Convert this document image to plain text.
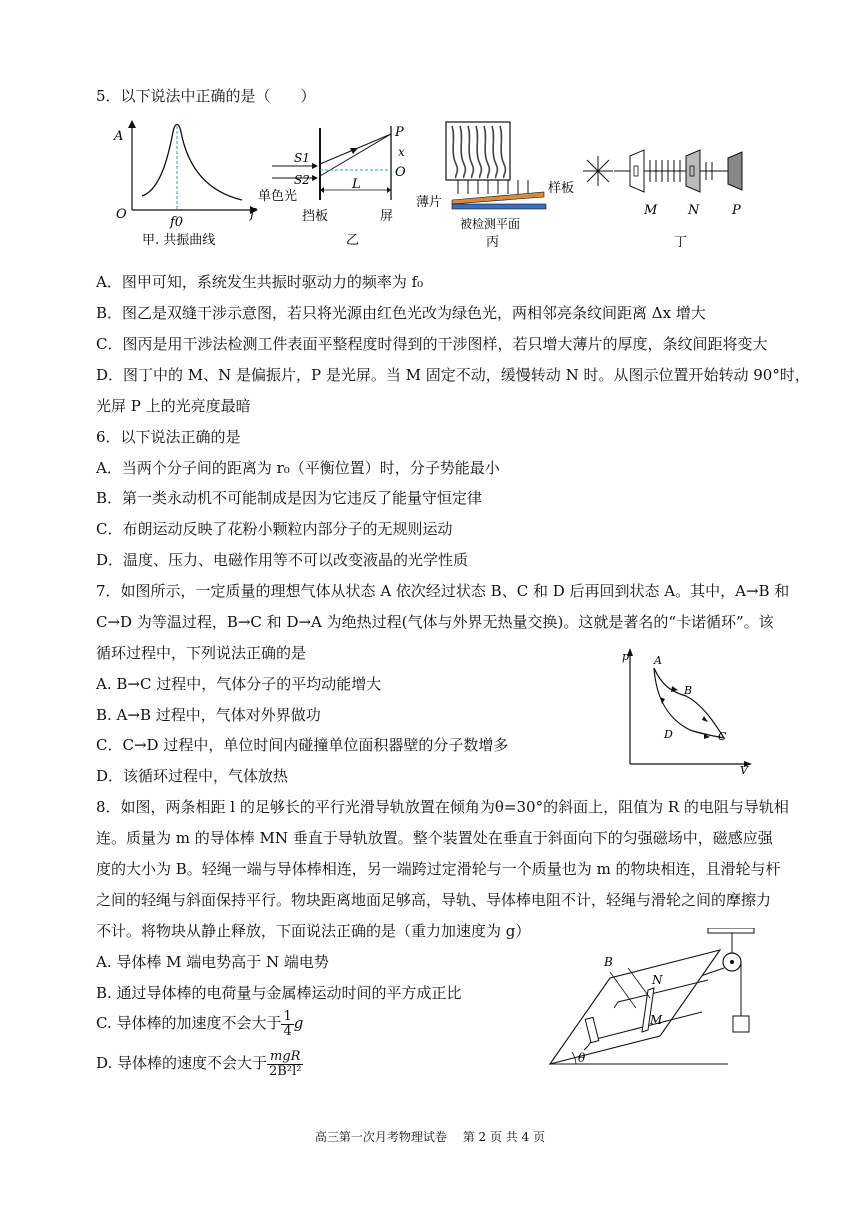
5．以下说法中正确的是（　　）
A
O
f0
f
甲. 共振曲线
S1
S2
P
x
O
L
单色光
挡板	屏
乙
薄片
样板
被检测平面
丙
M N	P
丁
A．图甲可知，系统发生共振时驱动力的频率为 f₀
B．图乙是双缝干涉示意图，若只将光源由红色光改为绿色光，两相邻亮条纹间距离 Δx 增大
C．图丙是用干涉法检测工件表面平整程度时得到的干涉图样，若只增大薄片的厚度，条纹间距将变大
D．图丁中的 M、N 是偏振片，P 是光屏。当 M 固定不动，缓慢转动 N 时。从图示位置开始转动 90°时，
光屏 P 上的光亮度最暗
6．以下说法正确的是
A．当两个分子间的距离为 r₀（平衡位置）时，分子势能最小
B．第一类永动机不可能制成是因为它违反了能量守恒定律
C．布朗运动反映了花粉小颗粒内部分子的无规则运动
D．温度、压力、电磁作用等不可以改变液晶的光学性质
7．如图所示，一定质量的理想气体从状态 A 依次经过状态 B、C 和 D 后再回到状态 A。其中，A→B 和
C→D 为等温过程，B→C 和 D→A 为绝热过程(气体与外界无热量交换)。这就是著名的“卡诺循环”。该
循环过程中，下列说法正确的是
A. B→C 过程中，气体分子的平均动能增大
B. A→B 过程中，气体对外界做功
C．C→D 过程中，单位时间内碰撞单位面积器壁的分子数增多
D．该循环过程中，气体放热
p
V
A
B
C
D
8．如图，两条相距 l 的足够长的平行光滑导轨放置在倾角为θ=30°的斜面上，阻值为 R 的电阻与导轨相
连。质量为 m 的导体棒 MN 垂直于导轨放置。整个装置处在垂直于斜面向下的匀强磁场中，磁感应强
度的大小为 B。轻绳一端与导体棒相连，另一端跨过定滑轮与一个质量也为 m 的物块相连，且滑轮与杆
之间的轻绳与斜面保持平行。物块距离地面足够高，导轨、导体棒电阻不计，轻绳与滑轮之间的摩擦力
不计。将物块从静止释放，下面说法正确的是（重力加速度为 g）
A. 导体棒 M 端电势高于 N 端电势
B. 通过导体棒的电荷量与金属棒运动时间的平方成正比
C. 导体棒的加速度不会大于 $\frac{1}{4}$ g
D. 导体棒的速度不会大于 $\frac{\text{mgR}}{\text{2B²l²}}$
B
N
M
θ
高三第一次月考物理试卷　 第 2 页 共 4 页
